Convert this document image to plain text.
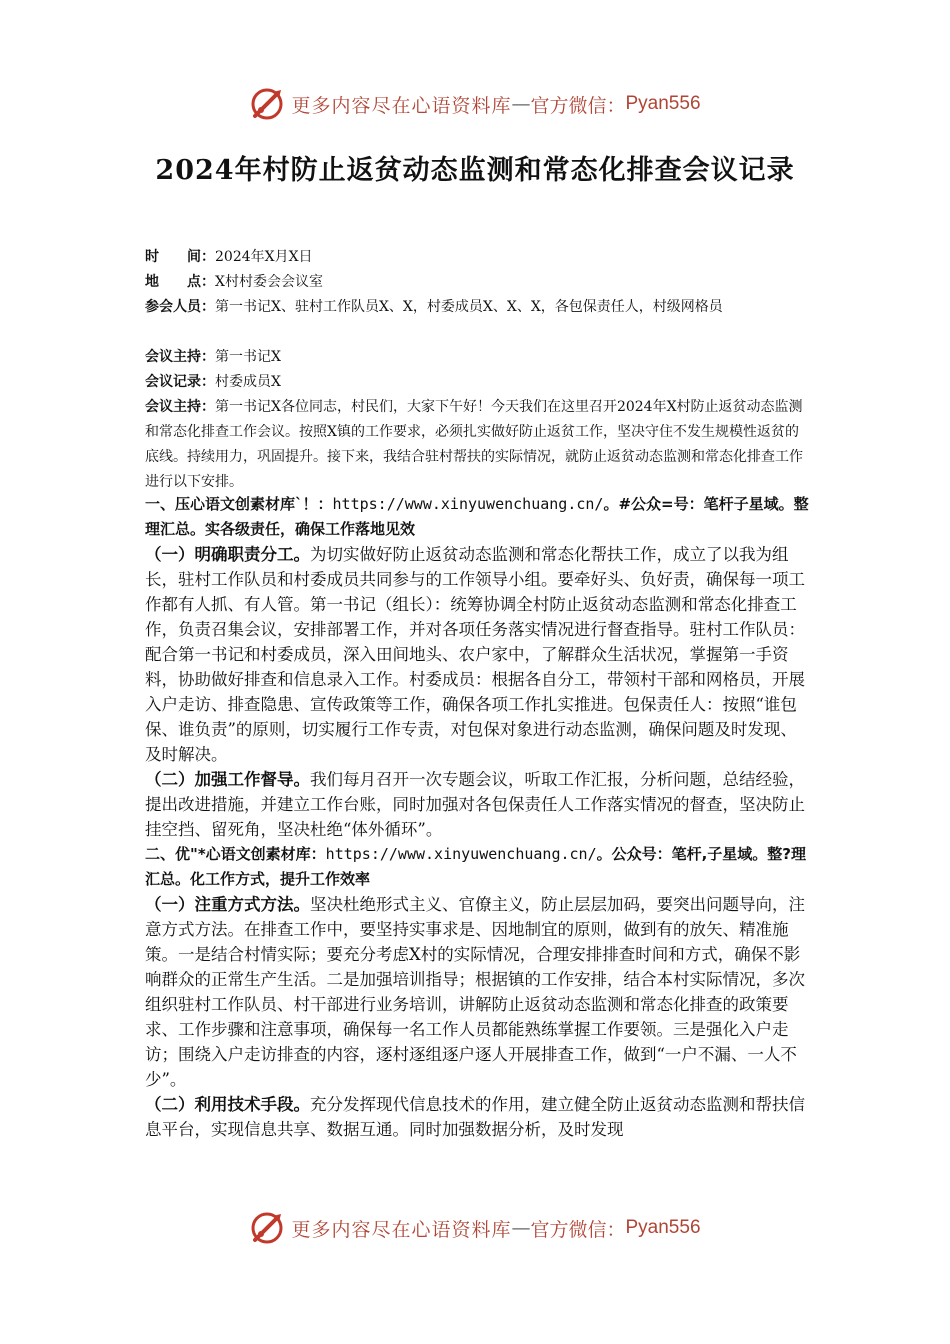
更多内容尽在心语资料库 — 官方微信： Pyan556
2024年村防止返贫动态监测和常态化排查会议记录
时　　间：2024年X月X日
地　　点：X村村委会会议室
参会人员：第一书记X、驻村工作队员X、X，村委成员X、X、X，各包保责任人，村级网格员
会议主持：第一书记X
会议记录：村委成员X
会议主持：第一书记X各位同志，村民们，大家下午好！今天我们在这里召开2024年X村防止返贫动态监测和常态化排查工作会议。按照X镇的工作要求，必须扎实做好防止返贫工作，坚决守住不发生规模性返贫的底线。持续用力，巩固提升。接下来，我结合驻村帮扶的实际情况，就防止返贫动态监测和常态化排查工作进行以下安排。

一、压心语文创素材库`！：https://www.xinyuwenchuang.cn/。#公众=号：笔杆子星域。整理汇总。实各级责任，确保工作落地见效

（一）明确职责分工。为切实做好防止返贫动态监测和常态化帮扶工作，成立了以我为组长，驻村工作队员和村委成员共同参与的工作领导小组。要牵好头、负好责，确保每一项工作都有人抓、有人管。第一书记（组长）：统筹协调全村防止返贫动态监测和常态化排查工作，负责召集会议，安排部署工作，并对各项任务落实情况进行督查指导。驻村工作队员：配合第一书记和村委成员，深入田间地头、农户家中，了解群众生活状况，掌握第一手资料，协助做好排查和信息录入工作。村委成员：根据各自分工，带领村干部和网格员，开展入户走访、排查隐患、宣传政策等工作，确保各项工作扎实推进。包保责任人：按照“谁包保、谁负责”的原则，切实履行工作专责，对包保对象进行动态监测，确保问题及时发现、及时解决。

（二）加强工作督导。我们每月召开一次专题会议，听取工作汇报，分析问题，总结经验，提出改进措施，并建立工作台账，同时加强对各包保责任人工作落实情况的督查，坚决防止挂空挡、留死角，坚决杜绝“体外循环”。

二、优"*心语文创素材库：https://www.xinyuwenchuang.cn/。公众号：笔杆,子星域。整?理汇总。化工作方式，提升工作效率

（一）注重方式方法。坚决杜绝形式主义、官僚主义，防止层层加码，要突出问题导向，注意方式方法。在排查工作中，要坚持实事求是、因地制宜的原则，做到有的放矢、精准施策。一是结合村情实际；要充分考虑X村的实际情况，合理安排排查时间和方式，确保不影响群众的正常生产生活。二是加强培训指导；根据镇的工作安排，结合本村实际情况，多次组织驻村工作队员、村干部进行业务培训，讲解防止返贫动态监测和常态化排查的政策要求、工作步骤和注意事项，确保每一名工作人员都能熟练掌握工作要领。三是强化入户走访；围绕入户走访排查的内容，逐村逐组逐户逐人开展排查工作，做到“一户不漏、一人不少”。

（二）利用技术手段。充分发挥现代信息技术的作用，建立健全防止返贫动态监测和帮扶信息平台，实现信息共享、数据互通。同时加强数据分析，及时发现

更多内容尽在心语资料库 — 官方微信： Pyan556
